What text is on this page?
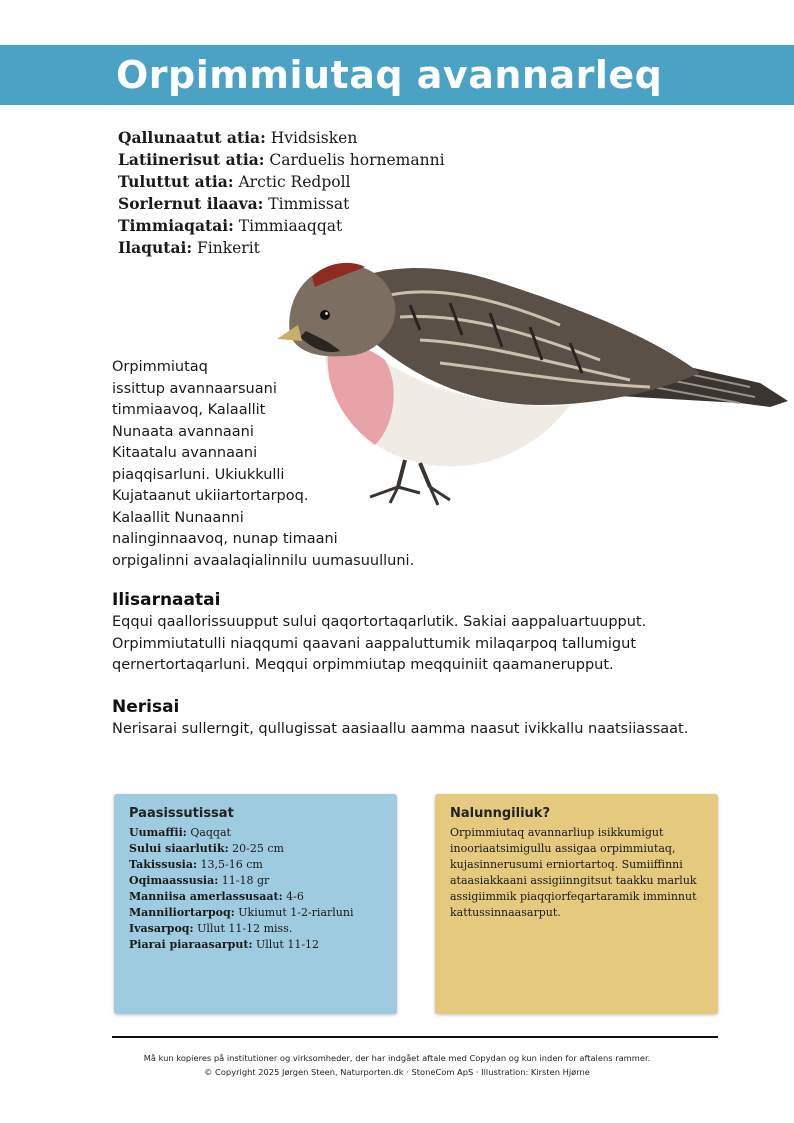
Orpimmiutaq avannarleq
Qallunaatut atia: Hvidsisken
Latiinerisut atia: Carduelis hornemanni
Tuluttut atia: Arctic Redpoll
Sorlernut ilaava: Timmissat
Timmiaqatai: Timmiaaqqat
Ilaqutai: Finkerit
Orpimmiutaq
issittup avannaarsuani
timmiaavoq, Kalaallit
Nunaata avannaani
Kitaatalu avannaani
piaqqisarluni. Ukiukkulli
Kujataanut ukiiartortarpoq.
Kalaallit Nunaanni
nalinginnaavoq, nunap timaani
orpigalinni avaalaqialinnilu uumasuulluni.
Ilisarnaatai

Eqqui qaallorissuupput sului qaqortortaqarlutik. Sakiai aappaluartuupput. Orpimmiutatulli niaqqumi qaavani aappaluttumik milaqarpoq tallumigut qernertortaqarluni. Meqqui orpimmiutap meqquiniit qaamanerupput.

Nerisai

Nerisarai sullerngit, qullugissat aasiaallu aamma naasut ivikkallu naatsiiassaat.

Paasissutissat
Uumaffii: Qaqqat
Sului siaarlutik: 20-25 cm
Takissusia: 13,5-16 cm
Oqimaassusia: 11-18 gr
Manniisa amerlassusaat: 4-6
Manniliortarpoq: Ukiumut 1-2-riarluni
Ivasarpoq: Ullut 11-12 miss.
Piarai piaraasarput: Ullut 11-12
Nalunngiliuk?

Orpimmiutaq avannarliup isikkumigut
inooriaatsimigullu assigaa orpimmiutaq,
kujasinnerusumi erniortartoq. Sumiiffinni
ataasiakkaani assigiinngitsut taakku marluk
assigiimmik piaqqiorfeqartaramik imminnut
kattussinnaasarput.

Må kun kopieres på institutioner og virksomheder, der har indgået aftale med Copydan og kun inden for aftalens rammer.
© Copyright 2025 Jørgen Steen, Naturporten.dk · StoneCom ApS · Illustration: Kirsten Hjørne
